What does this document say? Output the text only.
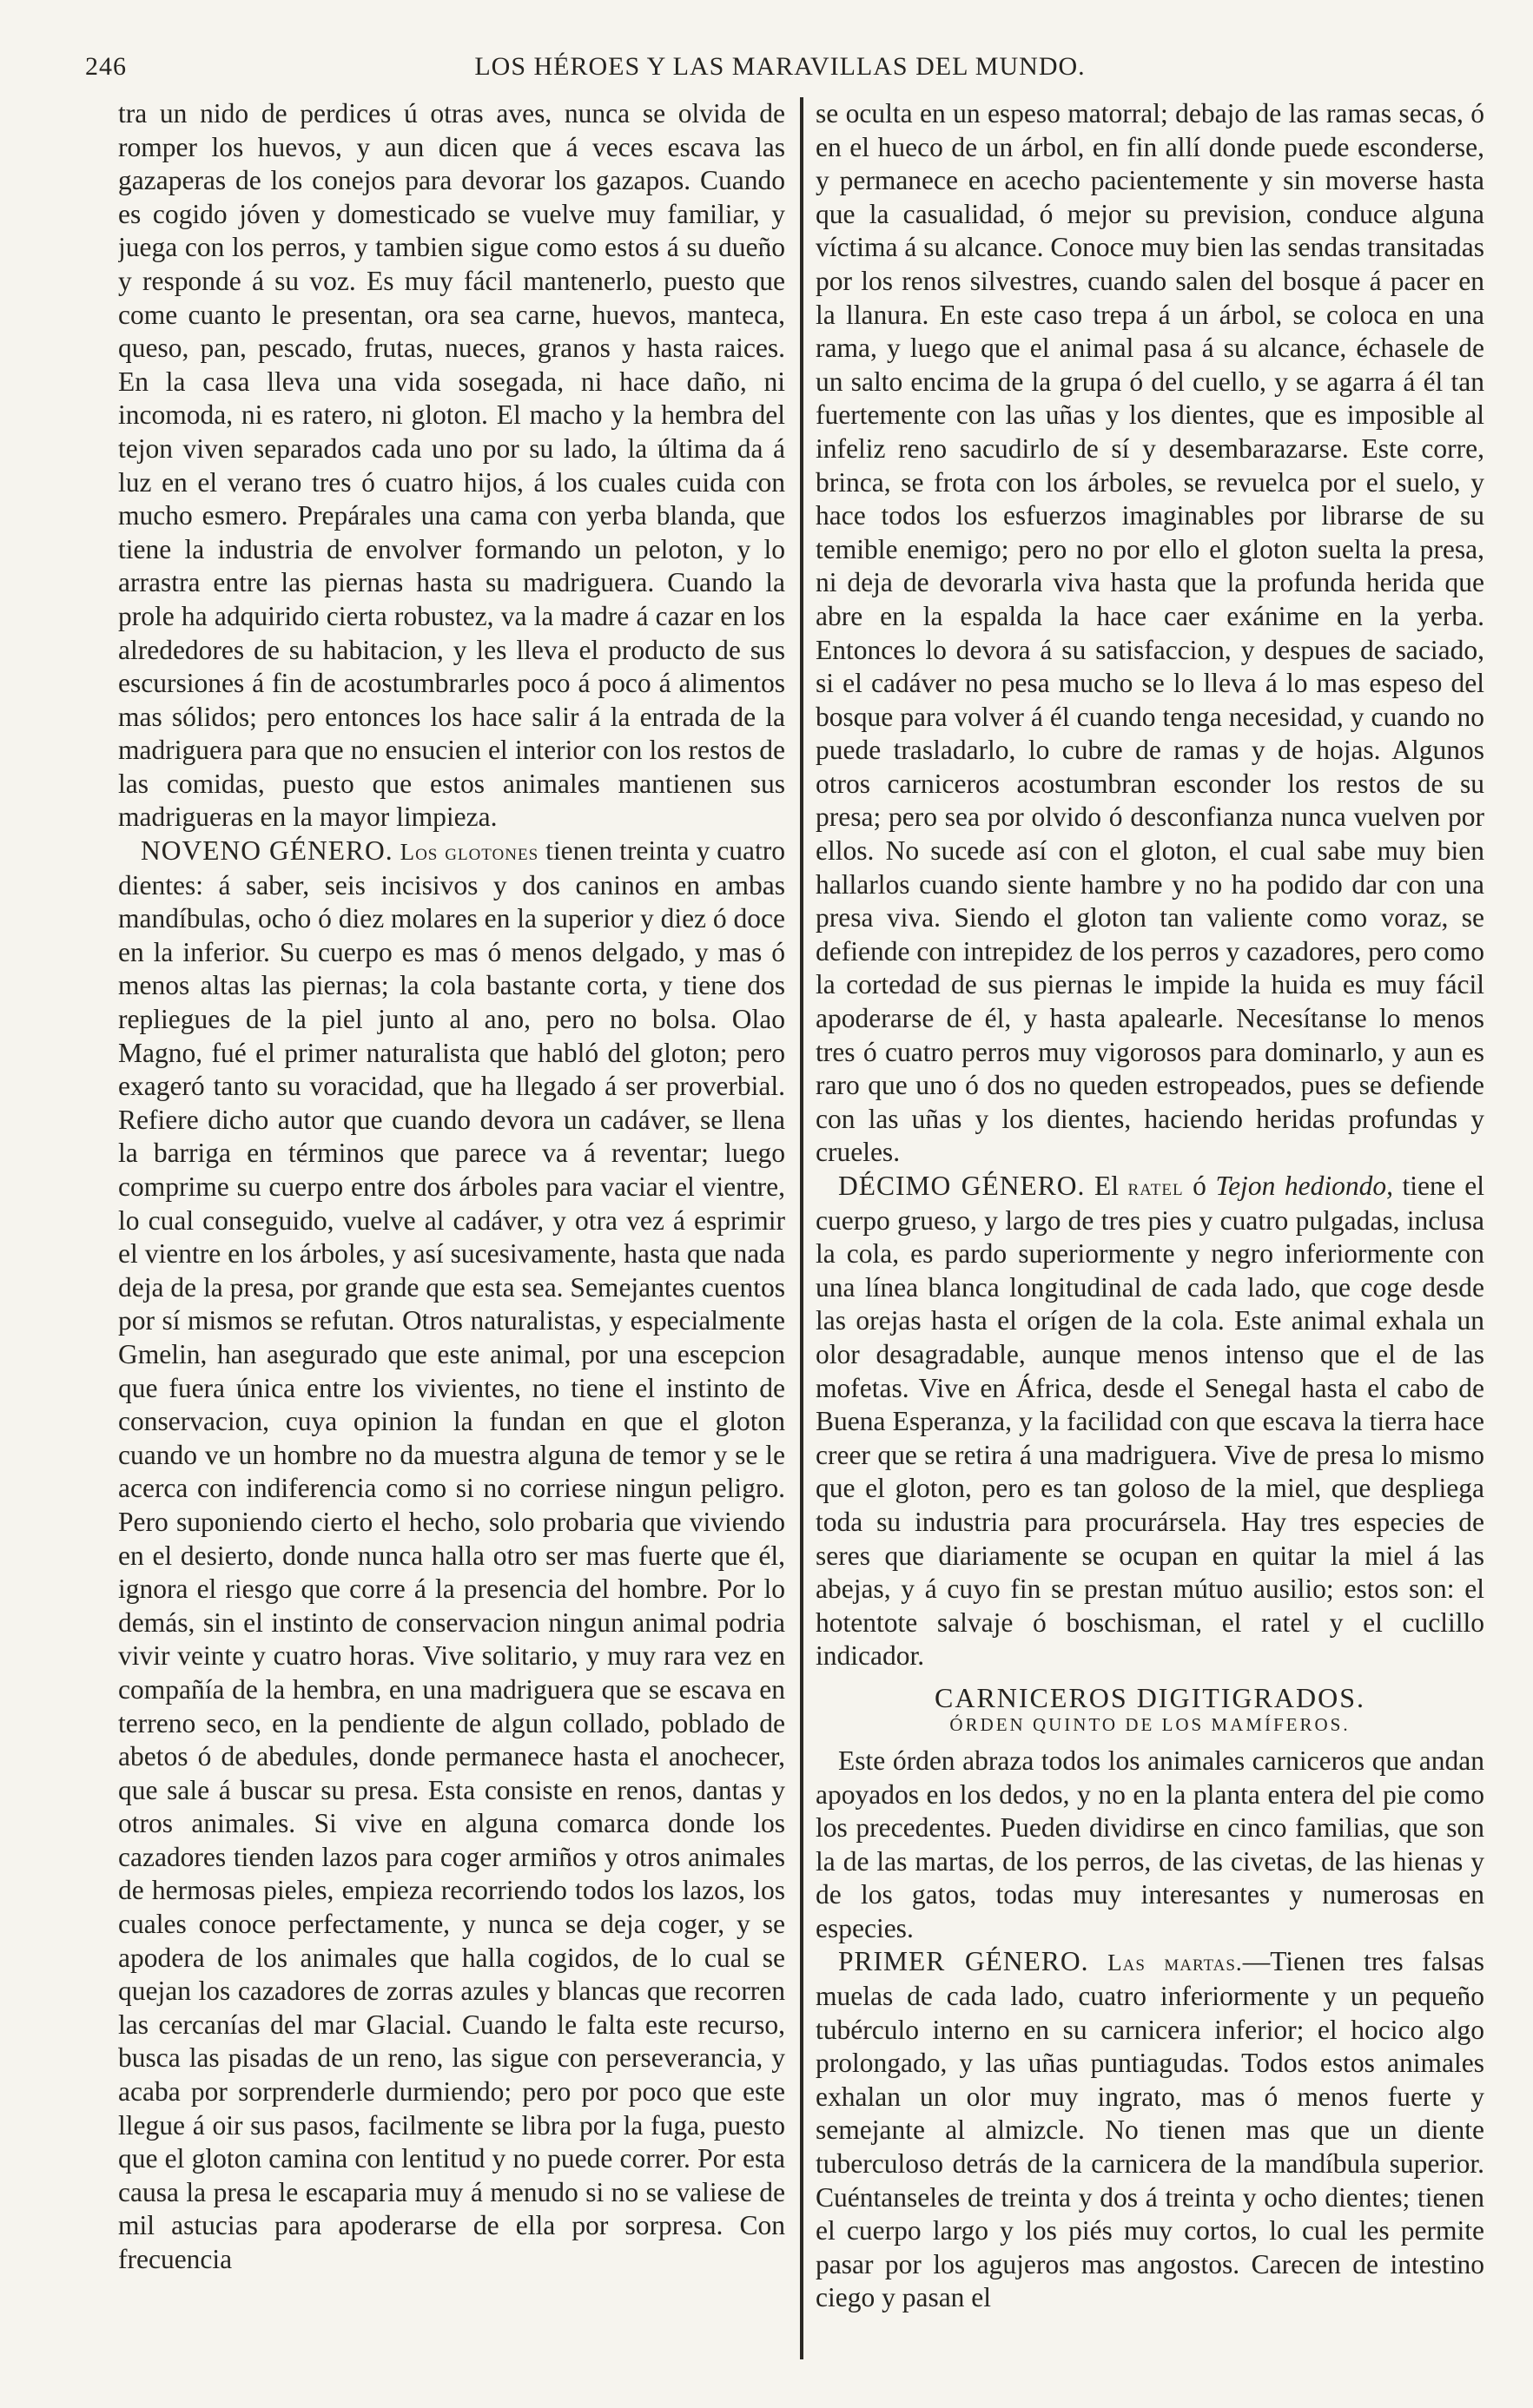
246	LOS HÉROES Y LAS MARAVILLAS DEL MUNDO.

tra un nido de perdices ú otras aves, nunca se olvida de romper los huevos, y aun dicen que á veces escava las gazaperas de los conejos para devorar los gazapos. Cuando es cogido jóven y domesticado se vuelve muy familiar, y juega con los perros, y tambien sigue como estos á su dueño y responde á su voz. Es muy fácil mantenerlo, puesto que come cuanto le presentan, ora sea carne, huevos, manteca, queso, pan, pescado, frutas, nueces, granos y hasta raices. En la casa lleva una vida sosegada, ni hace daño, ni incomoda, ni es ratero, ni gloton. El macho y la hembra del tejon viven separados cada uno por su lado, la última da á luz en el verano tres ó cuatro hijos, á los cuales cuida con mucho esmero. Prepárales una cama con yerba blanda, que tiene la industria de envolver formando un peloton, y lo arrastra entre las piernas hasta su madriguera. Cuando la prole ha adquirido cierta robustez, va la madre á cazar en los alrededores de su habitacion, y les lleva el producto de sus escursiones á fin de acostumbrarles poco á poco á alimentos mas sólidos; pero entonces los hace salir á la entrada de la madriguera para que no ensucien el interior con los restos de las comidas, puesto que estos animales mantienen sus madrigueras en la mayor limpieza.

NOVENO GÉNERO. Los glotones tienen treinta y cuatro dientes: á saber, seis incisivos y dos caninos en ambas mandíbulas, ocho ó diez molares en la superior y diez ó doce en la inferior. Su cuerpo es mas ó menos delgado, y mas ó menos altas las piernas; la cola bastante corta, y tiene dos repliegues de la piel junto al ano, pero no bolsa. Olao Magno, fué el primer naturalista que habló del gloton; pero exageró tanto su voracidad, que ha llegado á ser proverbial. Refiere dicho autor que cuando devora un cadáver, se llena la barriga en términos que parece va á reventar; luego comprime su cuerpo entre dos árboles para vaciar el vientre, lo cual conseguido, vuelve al cadáver, y otra vez á esprimir el vientre en los árboles, y así sucesivamente, hasta que nada deja de la presa, por grande que esta sea. Semejantes cuentos por sí mismos se refutan. Otros naturalistas, y especialmente Gmelin, han asegurado que este animal, por una escepcion que fuera única entre los vivientes, no tiene el instinto de conservacion, cuya opinion la fundan en que el gloton cuando ve un hombre no da muestra alguna de temor y se le acerca con indiferencia como si no corriese ningun peligro. Pero suponiendo cierto el hecho, solo probaria que viviendo en el desierto, donde nunca halla otro ser mas fuerte que él, ignora el riesgo que corre á la presencia del hombre. Por lo demás, sin el instinto de conservacion ningun animal podria vivir veinte y cuatro horas. Vive solitario, y muy rara vez en compañía de la hembra, en una madriguera que se escava en terreno seco, en la pendiente de algun collado, poblado de abetos ó de abedules, donde permanece hasta el anochecer, que sale á buscar su presa. Esta consiste en renos, dantas y otros animales. Si vive en alguna comarca donde los cazadores tienden lazos para coger armiños y otros animales de hermosas pieles, empieza recorriendo todos los lazos, los cuales conoce perfectamente, y nunca se deja coger, y se apodera de los animales que halla cogidos, de lo cual se quejan los cazadores de zorras azules y blancas que recorren las cercanías del mar Glacial. Cuando le falta este recurso, busca las pisadas de un reno, las sigue con perseverancia, y acaba por sorprenderle durmiendo; pero por poco que este llegue á oir sus pasos, facilmente se libra por la fuga, puesto que el gloton camina con lentitud y no puede correr. Por esta causa la presa le escaparia muy á menudo si no se valiese de mil astucias para apoderarse de ella por sorpresa. Con frecuencia

se oculta en un espeso matorral; debajo de las ramas secas, ó en el hueco de un árbol, en fin allí donde puede esconderse, y permanece en acecho pacientemente y sin moverse hasta que la casualidad, ó mejor su prevision, conduce alguna víctima á su alcance. Conoce muy bien las sendas transitadas por los renos silvestres, cuando salen del bosque á pacer en la llanura. En este caso trepa á un árbol, se coloca en una rama, y luego que el animal pasa á su alcance, échasele de un salto encima de la grupa ó del cuello, y se agarra á él tan fuertemente con las uñas y los dientes, que es imposible al infeliz reno sacudirlo de sí y desembarazarse. Este corre, brinca, se frota con los árboles, se revuelca por el suelo, y hace todos los esfuerzos imaginables por librarse de su temible enemigo; pero no por ello el gloton suelta la presa, ni deja de devorarla viva hasta que la profunda herida que abre en la espalda la hace caer exánime en la yerba. Entonces lo devora á su satisfaccion, y despues de saciado, si el cadáver no pesa mucho se lo lleva á lo mas espeso del bosque para volver á él cuando tenga necesidad, y cuando no puede trasladarlo, lo cubre de ramas y de hojas. Algunos otros carniceros acostumbran esconder los restos de su presa; pero sea por olvido ó desconfianza nunca vuelven por ellos. No sucede así con el gloton, el cual sabe muy bien hallarlos cuando siente hambre y no ha podido dar con una presa viva. Siendo el gloton tan valiente como voraz, se defiende con intrepidez de los perros y cazadores, pero como la cortedad de sus piernas le impide la huida es muy fácil apoderarse de él, y hasta apalearle. Necesítanse lo menos tres ó cuatro perros muy vigorosos para dominarlo, y aun es raro que uno ó dos no queden estropeados, pues se defiende con las uñas y los dientes, haciendo heridas profundas y crueles.

DÉCIMO GÉNERO. El ratel ó Tejon hediondo, tiene el cuerpo grueso, y largo de tres pies y cuatro pulgadas, inclusa la cola, es pardo superiormente y negro inferiormente con una línea blanca longitudinal de cada lado, que coge desde las orejas hasta el orígen de la cola. Este animal exhala un olor desagradable, aunque menos intenso que el de las mofetas. Vive en África, desde el Senegal hasta el cabo de Buena Esperanza, y la facilidad con que escava la tierra hace creer que se retira á una madriguera. Vive de presa lo mismo que el gloton, pero es tan goloso de la miel, que despliega toda su industria para procurársela. Hay tres especies de seres que diariamente se ocupan en quitar la miel á las abejas, y á cuyo fin se prestan mútuo ausilio; estos son: el hotentote salvaje ó boschisman, el ratel y el cuclillo indicador.

CARNICEROS DIGITIGRADOS.
ÓRDEN QUINTO DE LOS MAMÍFEROS.

Este órden abraza todos los animales carniceros que andan apoyados en los dedos, y no en la planta entera del pie como los precedentes. Pueden dividirse en cinco familias, que son la de las martas, de los perros, de las civetas, de las hienas y de los gatos, todas muy interesantes y numerosas en especies.

PRIMER GÉNERO. Las martas.—Tienen tres falsas muelas de cada lado, cuatro inferiormente y un pequeño tubérculo interno en su carnicera inferior; el hocico algo prolongado, y las uñas puntiagudas. Todos estos animales exhalan un olor muy ingrato, mas ó menos fuerte y semejante al almizcle. No tienen mas que un diente tuberculoso detrás de la carnicera de la mandíbula superior. Cuéntanseles de treinta y dos á treinta y ocho dientes; tienen el cuerpo largo y los piés muy cortos, lo cual les permite pasar por los agujeros mas angostos. Carecen de intestino ciego y pasan el
